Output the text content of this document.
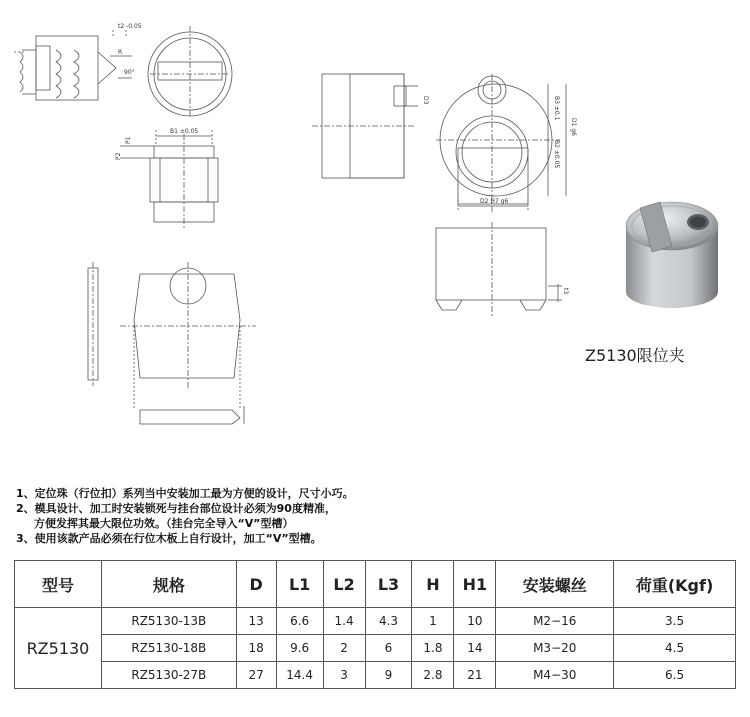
t2 -0.05
R
90°
B1 ±0.05
P1
P2
D3	B3 ±0.1
B2 ±0.05
D1 g6
D2 H7 g6
t3
Z5130限位夹
1、定位珠（行位扣）系列当中安装加工最为方便的设计，尺寸小巧。
2、模具设计、加工时安装锁死与挂台部位设计必须为90度精准，
方便发挥其最大限位功效。（挂台完全导入“V”型槽）
3、使用该款产品必须在行位木板上自行设计，加工“V”型槽。
型号	规格	D	L1	L2	L3	H	H1	安装螺丝	荷重(Kgf)
RZ5130	RZ5130-13B	13	6.6	1.4	4.3	1	10	M2−16	3.5
	RZ5130-18B	18	9.6	2	6	1.8	14	M3−20	4.5
	RZ5130-27B	27	14.4	3	9	2.8	21	M4−30	6.5
